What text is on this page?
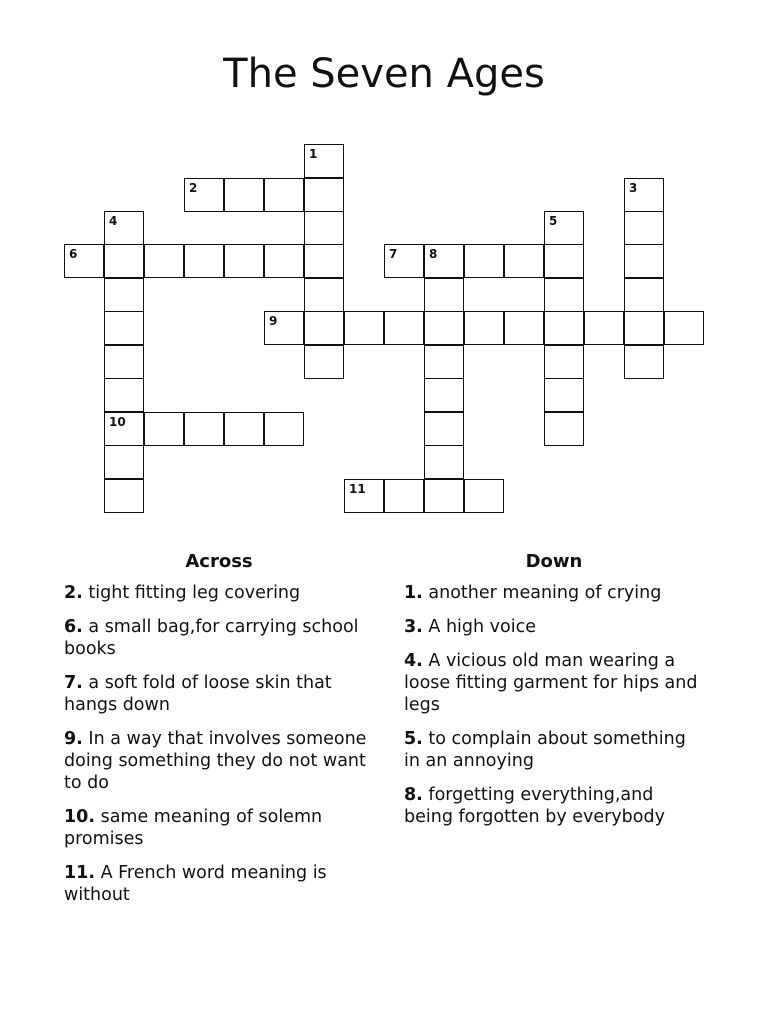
The Seven Ages
2
6	7	8
9
10
11
1
3
4	5
Across
2. tight fitting leg covering
6. a small bag,for carrying school books
7. a soft fold of loose skin that hangs down
9. In a way that involves someone doing something they do not want to do
10. same meaning of solemn promises
11. A French word meaning is without
Down
1. another meaning of crying
3. A high voice
4. A vicious old man wearing a loose fitting garment for hips and legs
5. to complain about something in an annoying
8. forgetting everything,and being forgotten by everybody
